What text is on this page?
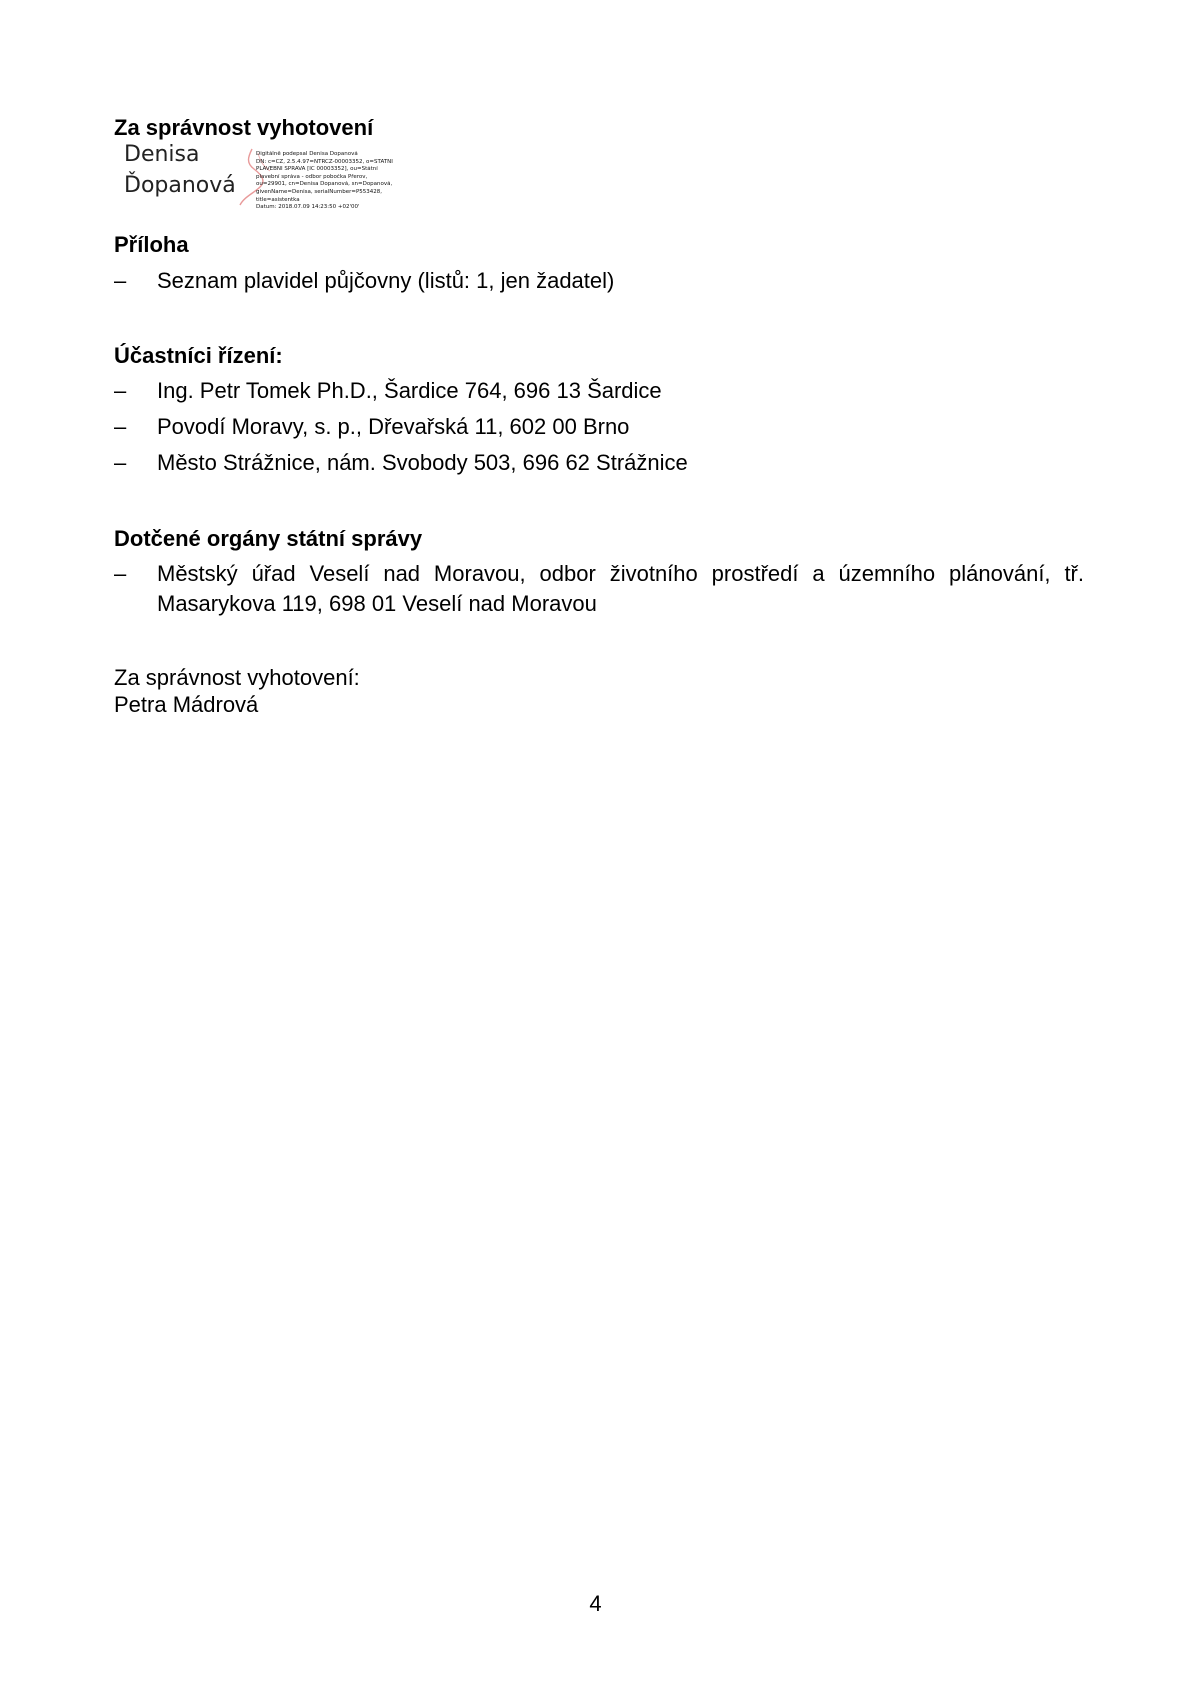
Za správnost vyhotovení
Denisa
Ďopanová
Digitálně podepsal Denisa Ďopanová
DN: c=CZ, 2.5.4.97=NTRCZ-00003352, o=STÁTNÍ
PLAVEBNÍ SPRÁVA [IČ 00003352], ou=Státní
plavební správa - odbor pobočka Přerov,
ou=29901, cn=Denisa Ďopanová, sn=Ďopanová,
givenName=Denisa, serialNumber=P553428,
title=asistentka
Datum: 2018.07.09 14:23:50 +02'00'
Příloha
– Seznam plavidel půjčovny (listů: 1, jen žadatel)
Účastníci řízení:
– Ing. Petr Tomek Ph.D., Šardice 764, 696 13 Šardice
– Povodí Moravy, s. p., Dřevařská 11, 602 00 Brno
– Město Strážnice, nám. Svobody 503, 696 62 Strážnice
Dotčené orgány státní správy
– Městský úřad Veselí nad Moravou, odbor životního prostředí a územního plánování, tř. Masarykova 119, 698 01 Veselí nad Moravou
Za správnost vyhotovení:
Petra Mádrová
4
